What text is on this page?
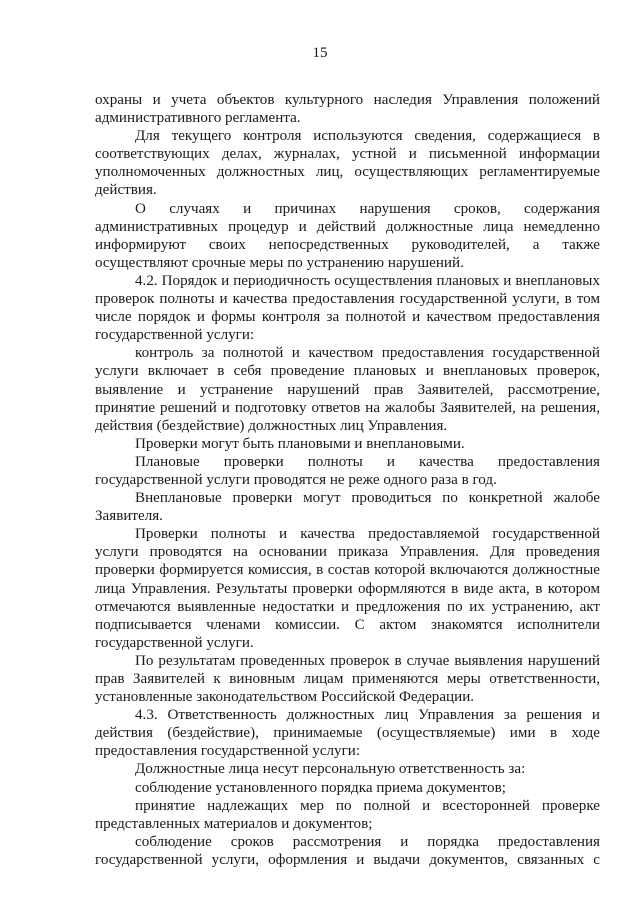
15

охраны и учета объектов культурного наследия Управления положений административного регламента.

Для текущего контроля используются сведения, содержащиеся в соответствующих делах, журналах, устной и письменной информации уполномоченных должностных лиц, осуществляющих регламентируемые действия.

О случаях и причинах нарушения сроков, содержания административных процедур и действий должностные лица немедленно информируют своих непосредственных руководителей, а также осуществляют срочные меры по устранению нарушений.

4.2. Порядок и периодичность осуществления плановых и внеплановых проверок полноты и качества предоставления государственной услуги, в том числе порядок и формы контроля за полнотой и качеством предоставления государственной услуги:

контроль за полнотой и качеством предоставления государственной услуги включает в себя проведение плановых и внеплановых проверок, выявление и устранение нарушений прав Заявителей, рассмотрение, принятие решений и подготовку ответов на жалобы Заявителей, на решения, действия (бездействие) должностных лиц Управления.

Проверки могут быть плановыми и внеплановыми.

Плановые проверки полноты и качества предоставления государственной услуги проводятся не реже одного раза в год.

Внеплановые проверки могут проводиться по конкретной жалобе Заявителя.

Проверки полноты и качества предоставляемой государственной услуги проводятся на основании приказа Управления. Для проведения проверки формируется комиссия, в состав которой включаются должностные лица Управления. Результаты проверки оформляются в виде акта, в котором отмечаются выявленные недостатки и предложения по их устранению, акт подписывается членами комиссии. С актом знакомятся исполнители государственной услуги.

По результатам проведенных проверок в случае выявления нарушений прав Заявителей к виновным лицам применяются меры ответственности, установленные законодательством Российской Федерации.

4.3. Ответственность должностных лиц Управления за решения и действия (бездействие), принимаемые (осуществляемые) ими в ходе предоставления государственной услуги:

Должностные лица несут персональную ответственность за:

соблюдение установленного порядка приема документов;

принятие надлежащих мер по полной и всесторонней проверке представленных материалов и документов;

соблюдение сроков рассмотрения и порядка предоставления государственной услуги, оформления и выдачи документов, связанных с
